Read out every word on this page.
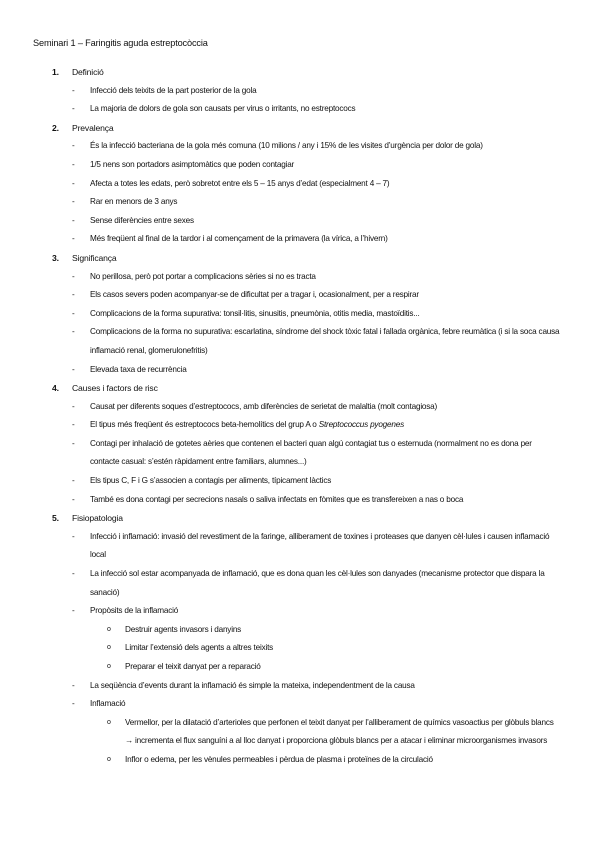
Seminari 1 – Faringitis aguda estreptocòccia
1. Definició
- Infecció dels teixits de la part posterior de la gola
- La majoria de dolors de gola son causats per virus o irritants, no estreptococs
2. Prevalença
- És la infecció bacteriana de la gola més comuna (10 milions / any i 15% de les visites d’urgència per dolor de gola)
- 1/5 nens son portadors asimptomàtics que poden contagiar
- Afecta a totes les edats, però sobretot entre els 5 – 15 anys d’edat (especialment 4 – 7)
- Rar en menors de 3 anys
- Sense diferències entre sexes
- Més freqüent al final de la tardor i al començament de la primavera (la vírica, a l’hivern)
3. Significança
- No perillosa, però pot portar a complicacions sèries si no es tracta
- Els casos severs poden acompanyar-se de dificultat per a tragar i, ocasionalment, per a respirar
- Complicacions de la forma supurativa: tonsil·litis, sinusitis, pneumònia, otitis media, mastoïditis...
- Complicacions de la forma no supurativa: escarlatina, síndrome del shock tòxic fatal i fallada orgànica, febre reumàtica (i si la soca causa inflamació renal, glomerulonefritis)
- Elevada taxa de recurrència
4. Causes i factors de risc
- Causat per diferents soques d’estreptococs, amb diferències de serietat de malaltia (molt contagiosa)
- El tipus més freqüent és estreptococs beta-hemolítics del grup A o Streptococcus pyogenes
- Contagi per inhalació de gotetes aèries que contenen el bacteri quan algú contagiat tus o esternuda (normalment no es dona per contacte casual: s’estén ràpidament entre familiars, alumnes...)
- Els tipus C, F i G s’associen a contagis per aliments, típicament làctics
- També es dona contagi per secrecions nasals o saliva infectats en fòmites que es transfereixen a nas o boca
5. Fisiopatologia
- Infecció i inflamació: invasió del revestiment de la faringe, alliberament de toxines i proteases que danyen cèl·lules i causen inflamació local
- La infecció sol estar acompanyada de inflamació, que es dona quan les cèl·lules son danyades (mecanisme protector que dispara la sanació)
- Propòsits de la inflamació
o Destruir agents invasors i danyins
o Limitar l’extensió dels agents a altres teixits
o Preparar el teixit danyat per a reparació
- La seqüència d’events durant la inflamació és simple la mateixa, independentment de la causa
- Inflamació
o Vermellor, per la dilatació d’arterioles que perfonen el teixit danyat per l’alliberament de químics vasoactius per glòbuls blancs → incrementa el flux sanguíni a al lloc danyat i proporciona glòbuls blancs per a atacar i eliminar microorganismes invasors
o Inflor o edema, per les vènules permeables i pèrdua de plasma i proteïnes de la circulació
